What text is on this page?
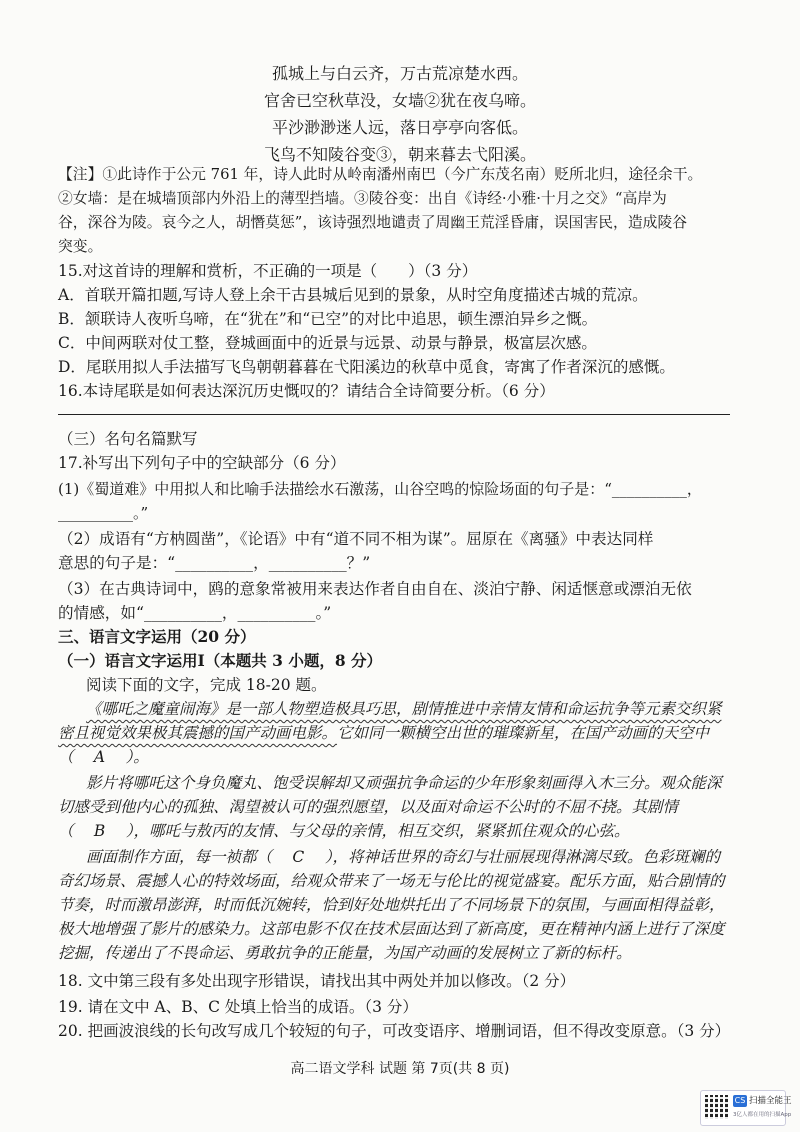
孤城上与白云齐，万古荒凉楚水西。
官舍已空秋草没，女墙②犹在夜乌啼。
平沙渺渺迷人远，落日亭亭向客低。
飞鸟不知陵谷变③，朝来暮去弋阳溪。
【注】①此诗作于公元 761 年，诗人此时从岭南潘州南巴（今广东茂名南）贬所北归，途径余干。
②女墙：是在城墙顶部内外沿上的薄型挡墙。③陵谷变：出自《诗经·小雅·十月之交》“高岸为
谷，深谷为陵。哀今之人，胡憯莫惩”，该诗强烈地谴责了周幽王荒淫昏庸，误国害民，造成陵谷
突变。
15.对这首诗的理解和赏析，不正确的一项是（　　）（3 分）
A．首联开篇扣题,写诗人登上余干古县城后见到的景象，从时空角度描述古城的荒凉。
B．颔联诗人夜听乌啼，在“犹在”和“已空”的对比中追思，顿生漂泊异乡之慨。
C．中间两联对仗工整，登城画面中的近景与远景、动景与静景，极富层次感。
D．尾联用拟人手法描写飞鸟朝朝暮暮在弋阳溪边的秋草中觅食，寄寓了作者深沉的感慨。
16.本诗尾联是如何表达深沉历史慨叹的？请结合全诗简要分析。（6 分）
（三）名句名篇默写
17.补写出下列句子中的空缺部分（6 分）
(1)《蜀道难》中用拟人和比喻手法描绘水石激荡，山谷空鸣的惊险场面的句子是：“__________，
__________。”
（2）成语有“方枘圆凿”，《论语》中有“道不同不相为谋”。屈原在《离骚》中表达同样
意思的句子是：“__________，__________？”
（3）在古典诗词中，鸥的意象常被用来表达作者自由自在、淡泊宁静、闲适惬意或漂泊无依
的情感，如“__________，__________。”
三、语言文字运用（20 分）
（一）语言文字运用Ⅰ（本题共 3 小题，8 分）
阅读下面的文字，完成 18-20 题。
《哪吒之魔童闹海》是一部人物塑造极具巧思，剧情推进中亲情友情和命运抗争等元素交织紧
密且视觉效果极其震撼的国产动画电影。它如同一颗横空出世的璀璨新星，在国产动画的天空中
（　 A　 ）。
影片将哪吒这个身负魔丸、饱受误解却又顽强抗争命运的少年形象刻画得入木三分。观众能深
切感受到他内心的孤独、渴望被认可的强烈愿望，以及面对命运不公时的不屈不挠。其剧情
（　 B　 ），哪吒与敖丙的友情、与父母的亲情，相互交织，紧紧抓住观众的心弦。
画面制作方面，每一祯都（　 C　 ），将神话世界的奇幻与壮丽展现得淋漓尽致。色彩斑斓的
奇幻场景、震撼人心的特效场面，给观众带来了一场无与伦比的视觉盛宴。配乐方面，贴合剧情的
节奏，时而激昂澎湃，时而低沉婉转，恰到好处地烘托出了不同场景下的氛围，与画面相得益彰，
极大地增强了影片的感染力。这部电影不仅在技术层面达到了新高度，更在精神内涵上进行了深度
挖掘，传递出了不畏命运、勇敢抗争的正能量，为国产动画的发展树立了新的标杆。
18. 文中第三段有多处出现字形错误，请找出其中两处并加以修改。（2 分）
19. 请在文中 A、B、C 处填上恰当的成语。（3 分）
20. 把画波浪线的长句改写成几个较短的句子，可改变语序、增删词语，但不得改变原意。（3 分）
高二语文学科 试题 第 7页(共 8 页)
CS 扫描全能王
3亿人都在用的扫描App
